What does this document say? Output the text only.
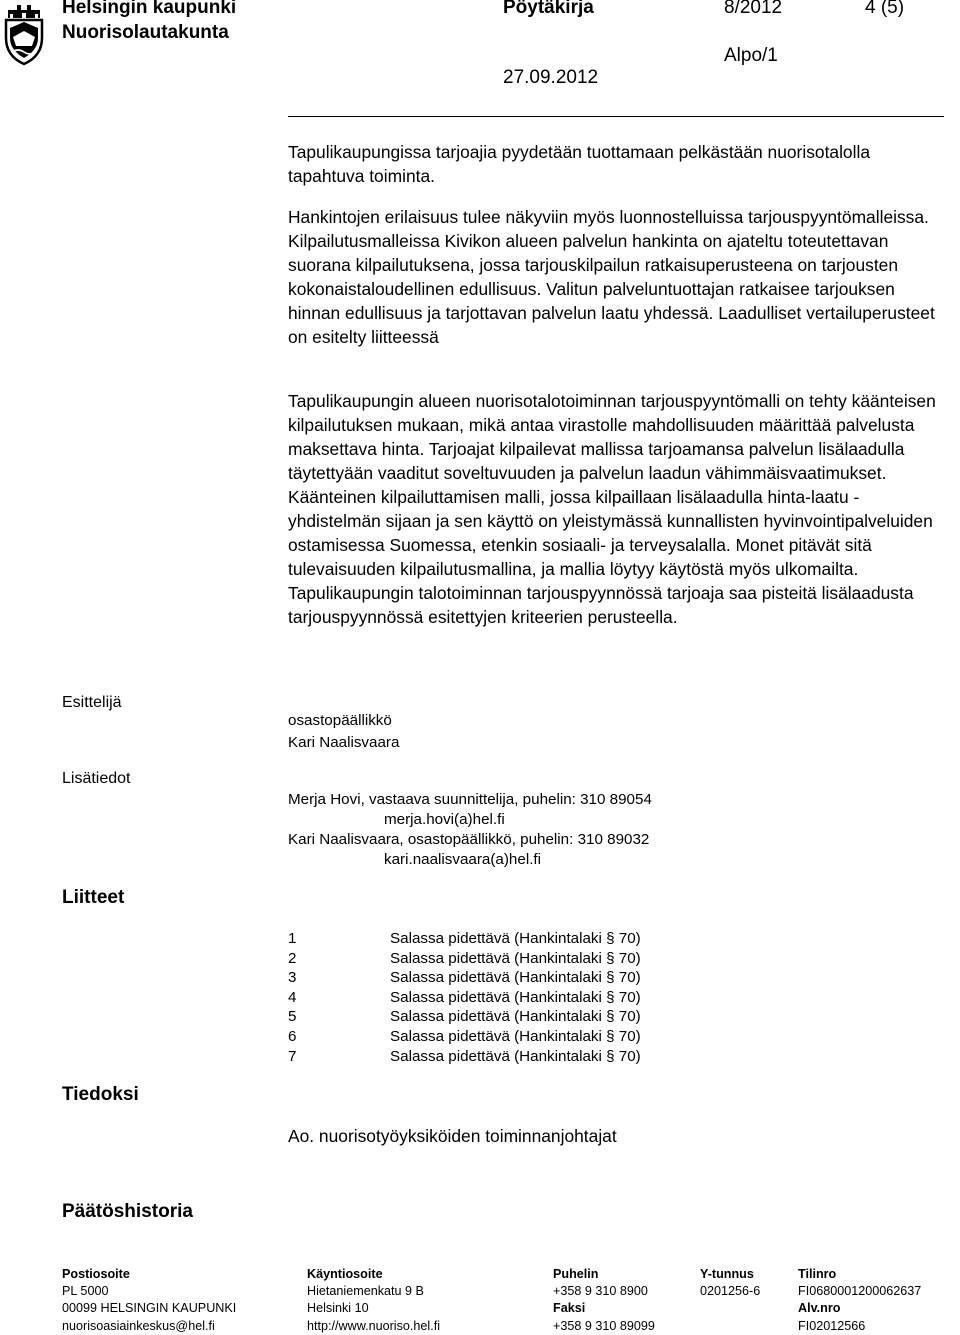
Helsingin kaupunki
Nuorisolautakunta
Pöytäkirja	8/2012	4 (5)
Alpo/1
27.09.2012

Tapulikaupungissa tarjoajia pyydetään tuottamaan pelkästään nuorisotalolla tapahtuva toiminta.

Hankintojen erilaisuus tulee näkyviin myös luonnostelluissa tarjouspyyntömalleissa. Kilpailutusmalleissa Kivikon alueen palvelun hankinta on ajateltu toteutettavan suorana kilpailutuksena, jossa tarjouskilpailun ratkaisuperusteena on tarjousten kokonaistaloudellinen edullisuus. Valitun palveluntuottajan ratkaisee tarjouksen hinnan edullisuus ja tarjottavan palvelun laatu yhdessä. Laadulliset vertailuperusteet on esitelty liitteessä

Tapulikaupungin alueen nuorisotalotoiminnan tarjouspyyntömalli on tehty käänteisen kilpailutuksen mukaan, mikä antaa virastolle mahdollisuuden määrittää palvelusta maksettava hinta. Tarjoajat kilpailevat mallissa tarjoamansa palvelun lisälaadulla täytettyään vaaditut soveltuvuuden ja palvelun laadun vähimmäisvaatimukset. Käänteinen kilpailuttamisen malli, jossa kilpaillaan lisälaadulla hinta-laatu -yhdistelmän sijaan ja sen käyttö on yleistymässä kunnallisten hyvinvointipalveluiden ostamisessa Suomessa, etenkin sosiaali- ja terveysalalla. Monet pitävät sitä tulevaisuuden kilpailutusmallina, ja mallia löytyy käytöstä myös ulkomailta. Tapulikaupungin talotoiminnan tarjouspyynnössä tarjoaja saa pisteitä lisälaadusta tarjouspyynnössä esitettyjen kriteerien perusteella.

Esittelijä
osastopäällikkö
Kari Naalisvaara
Lisätiedot
Merja Hovi, vastaava suunnittelija, puhelin: 310 89054
merja.hovi(a)hel.fi
Kari Naalisvaara, osastopäällikkö, puhelin: 310 89032
kari.naalisvaara(a)hel.fi
Liitteet
1	Salassa pidettävä (Hankintalaki § 70)
2	Salassa pidettävä (Hankintalaki § 70)
3	Salassa pidettävä (Hankintalaki § 70)
4	Salassa pidettävä (Hankintalaki § 70)
5	Salassa pidettävä (Hankintalaki § 70)
6	Salassa pidettävä (Hankintalaki § 70)
7	Salassa pidettävä (Hankintalaki § 70)
Tiedoksi
Ao. nuorisotyöyksiköiden toiminnanjohtajat
Päätöshistoria
Postiosoite
PL 5000
00099 HELSINGIN KAUPUNKI
nuorisoasiainkeskus@hel.fi
Käyntiosoite
Hietaniemenkatu 9 B
Helsinki 10
http://www.nuoriso.hel.fi
Puhelin
+358 9 310 8900
Faksi
+358 9 310 89099
Y-tunnus
0201256-6
Tilinro
FI0680001200062637
Alv.nro
FI02012566
